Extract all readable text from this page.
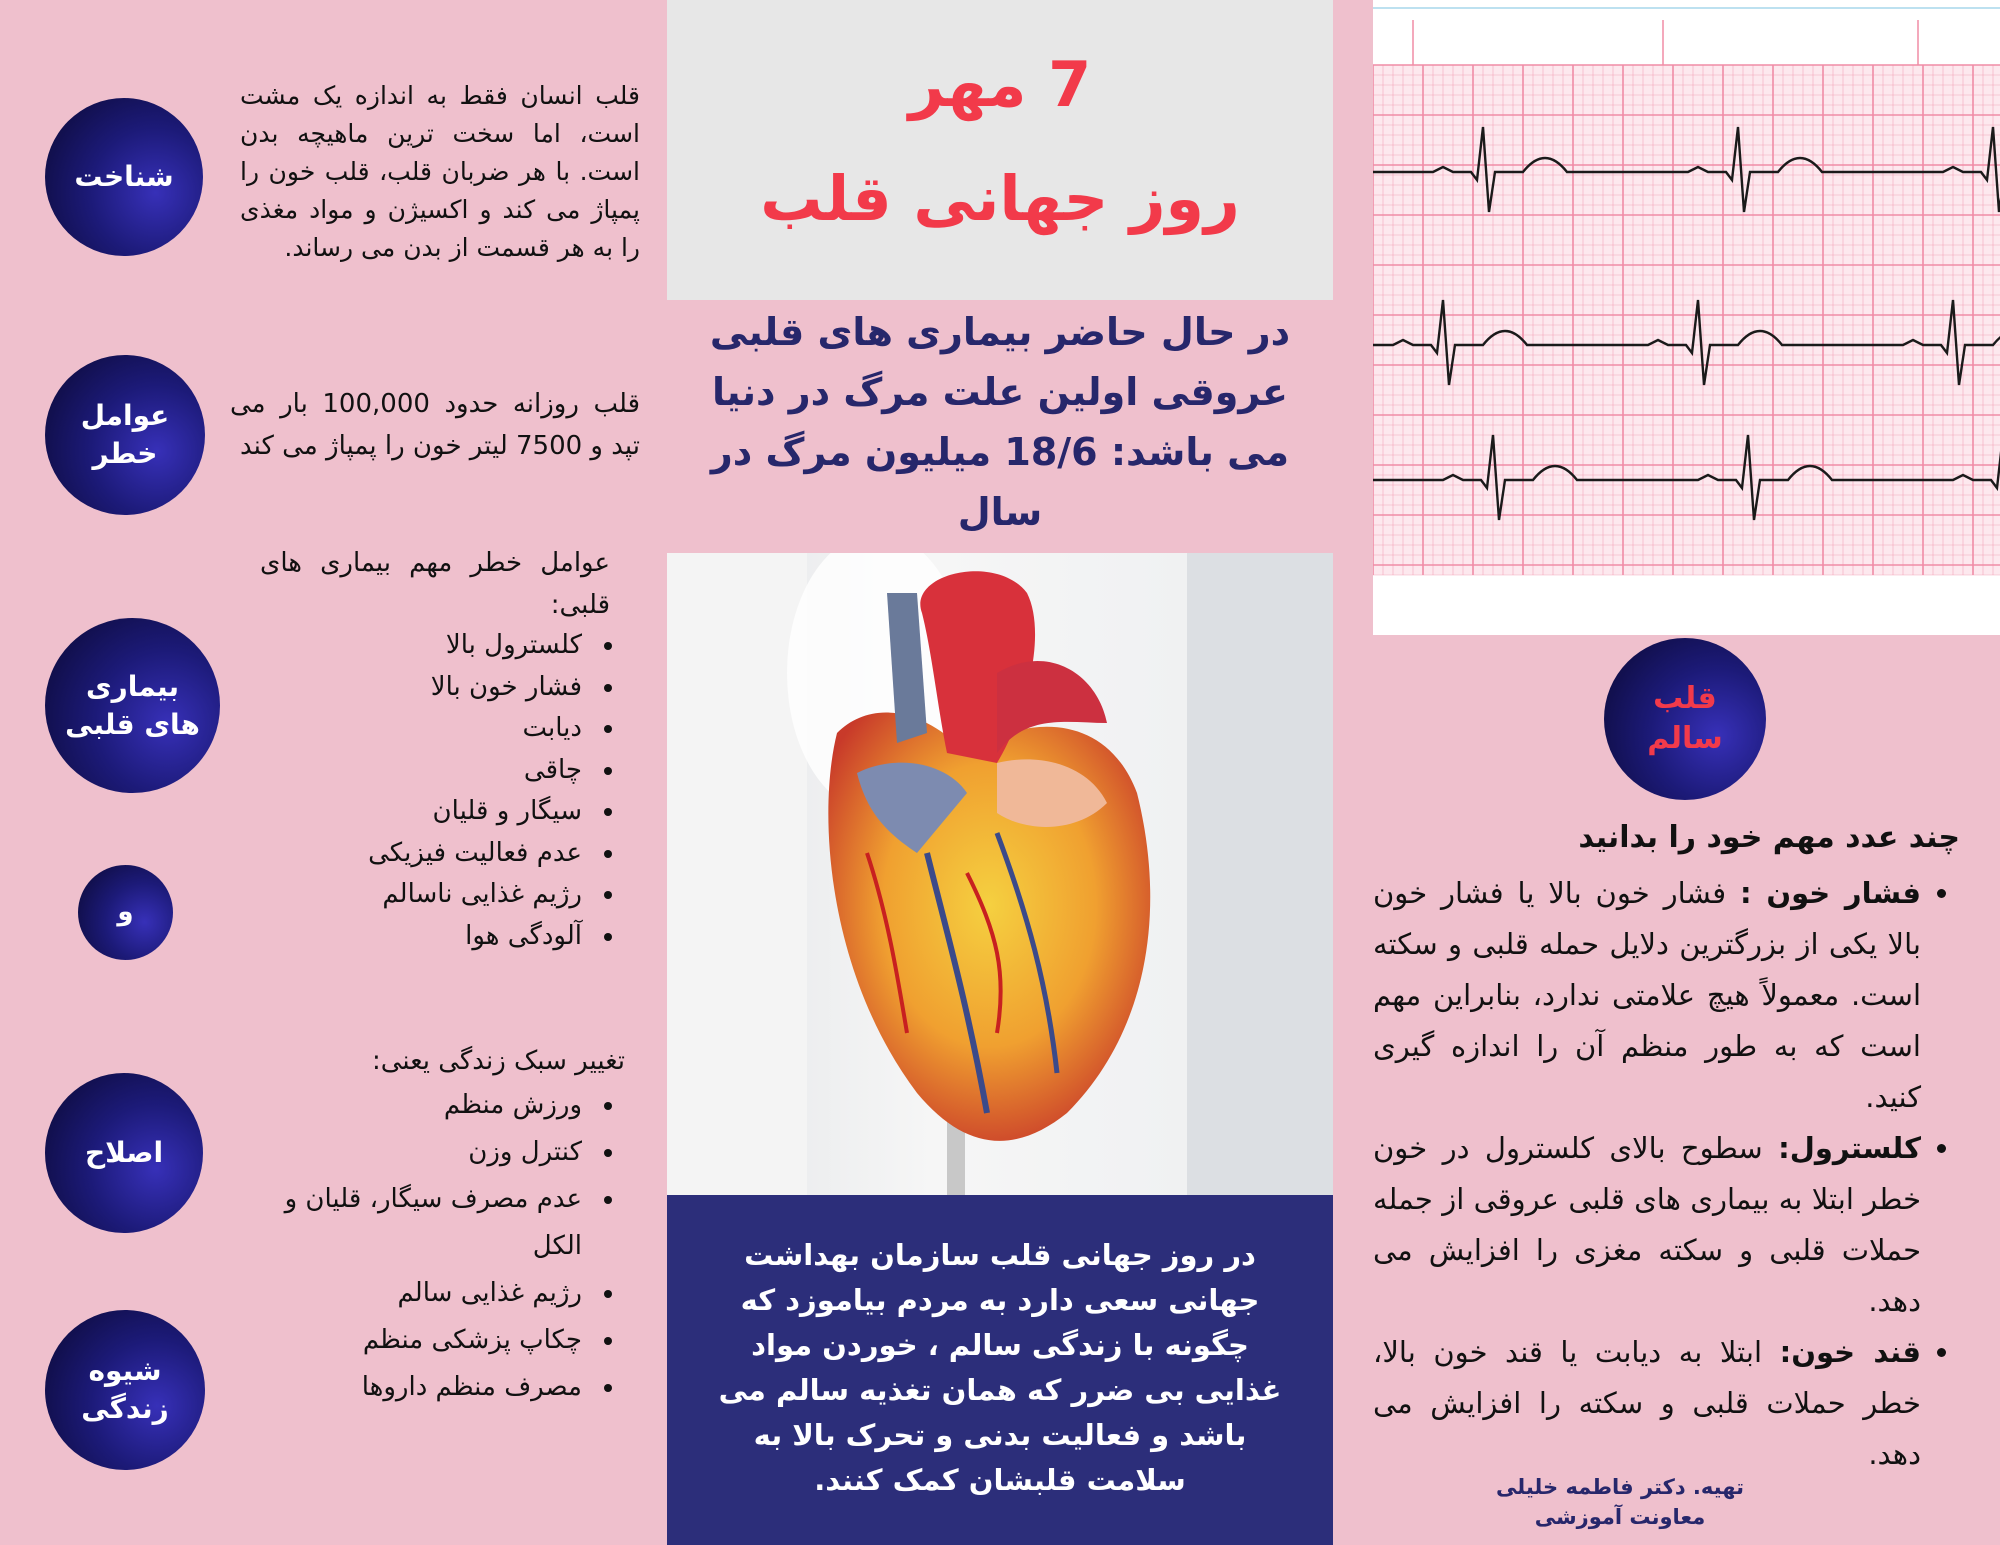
شناخت
قلب انسان فقط به اندازه یک مشت است، اما سخت ترین ماهیچه بدن است. با هر ضربان قلب، قلب خون را پمپاژ می کند و اکسیژن و مواد مغذی را به هر قسمت از بدن می رساند.
عوامل
خطر
قلب روزانه حدود 100,000 بار می تپد و 7500 لیتر خون را پمپاژ می کند
بیماری
های قلبی
عوامل خطر مهم بیماری های قلبی:
• کلسترول بالا
• فشار خون بالا
• دیابت
• چاقی
• سیگار و قلیان
• عدم فعالیت فیزیکی
• رژیم غذایی ناسالم
• آلودگی هوا
و
اصلاح
تغییر سبک زندگی یعنی:
• ورزش منظم
• کنترل وزن
• عدم مصرف سیگار، قلیان و الکل
• رژیم غذایی سالم
• چکاپ پزشکی منظم
• مصرف منظم داروها
شیوه
زندگی
7 مهر
روز جهانی قلب
در حال حاضر بیماری های قلبی عروقی اولین علت مرگ در دنیا می باشد: 18/6 میلیون مرگ در سال
در روز جهانی قلب سازمان بهداشت جهانی سعی دارد به مردم بیاموزد که چگونه با زندگی سالم ، خوردن مواد غذایی بی ضرر که همان تغذیه سالم می باشد و فعالیت بدنی و تحرک بالا به سلامت قلبشان کمک کنند.
قلب
سالم
چند عدد مهم خود را بدانید
• فشار خون : فشار خون بالا یا فشار خون بالا یکی از بزرگترین دلایل حمله قلبی و سکته است. معمولاً هیچ علامتی ندارد، بنابراین مهم است که به طور منظم آن را اندازه گیری کنید.
• کلسترول: سطوح بالای کلسترول در خون خطر ابتلا به بیماری های قلبی عروقی از جمله حملات قلبی و سکته مغزی را افزایش می دهد.
• قند خون: ابتلا به دیابت یا قند خون بالا، خطر حملات قلبی و سکته را افزایش می دهد.
تهیه. دکتر فاطمه خلیلی
معاونت آموزشی
